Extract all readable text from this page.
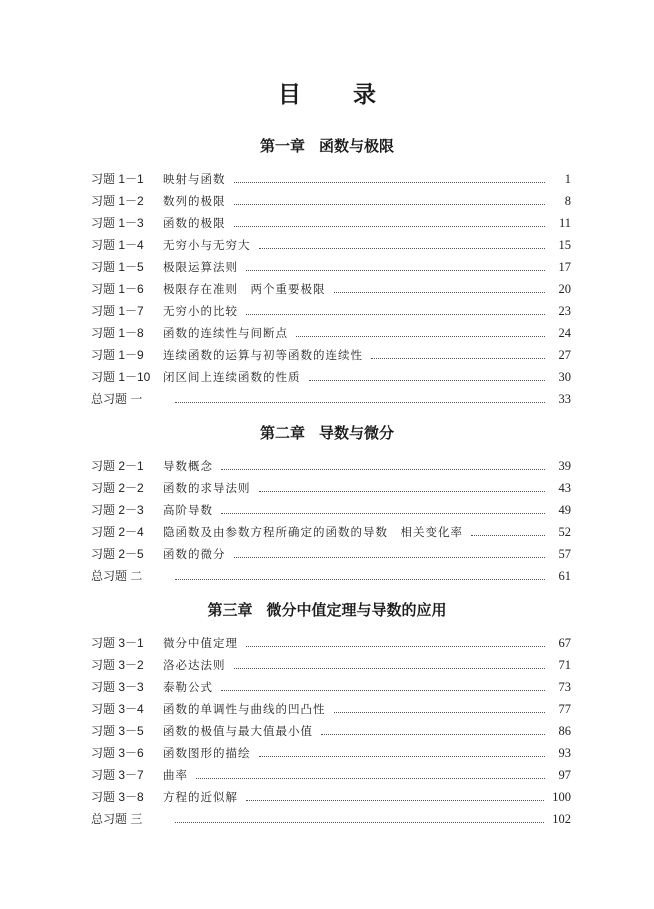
目 录
第一章 函数与极限
习题 1－1	映射与函数	1
习题 1－2	数列的极限	8
习题 1－3	函数的极限	11
习题 1－4	无穷小与无穷大	15
习题 1－5	极限运算法则	17
习题 1－6	极限存在准则　两个重要极限	20
习题 1－7	无穷小的比较	23
习题 1－8	函数的连续性与间断点	24
习题 1－9	连续函数的运算与初等函数的连续性	27
习题 1－10	闭区间上连续函数的性质	30
总习题 一	33
第二章 导数与微分
习题 2－1	导数概念	39
习题 2－2	函数的求导法则	43
习题 2－3	高阶导数	49
习题 2－4	隐函数及由参数方程所确定的函数的导数　相关变化率	52
习题 2－5	函数的微分	57
总习题 二	61
第三章 微分中值定理与导数的应用
习题 3－1	微分中值定理	67
习题 3－2	洛必达法则	71
习题 3－3	泰勒公式	73
习题 3－4	函数的单调性与曲线的凹凸性	77
习题 3－5	函数的极值与最大值最小值	86
习题 3－6	函数图形的描绘	93
习题 3－7	曲率	97
习题 3－8	方程的近似解	100
总习题 三	102
